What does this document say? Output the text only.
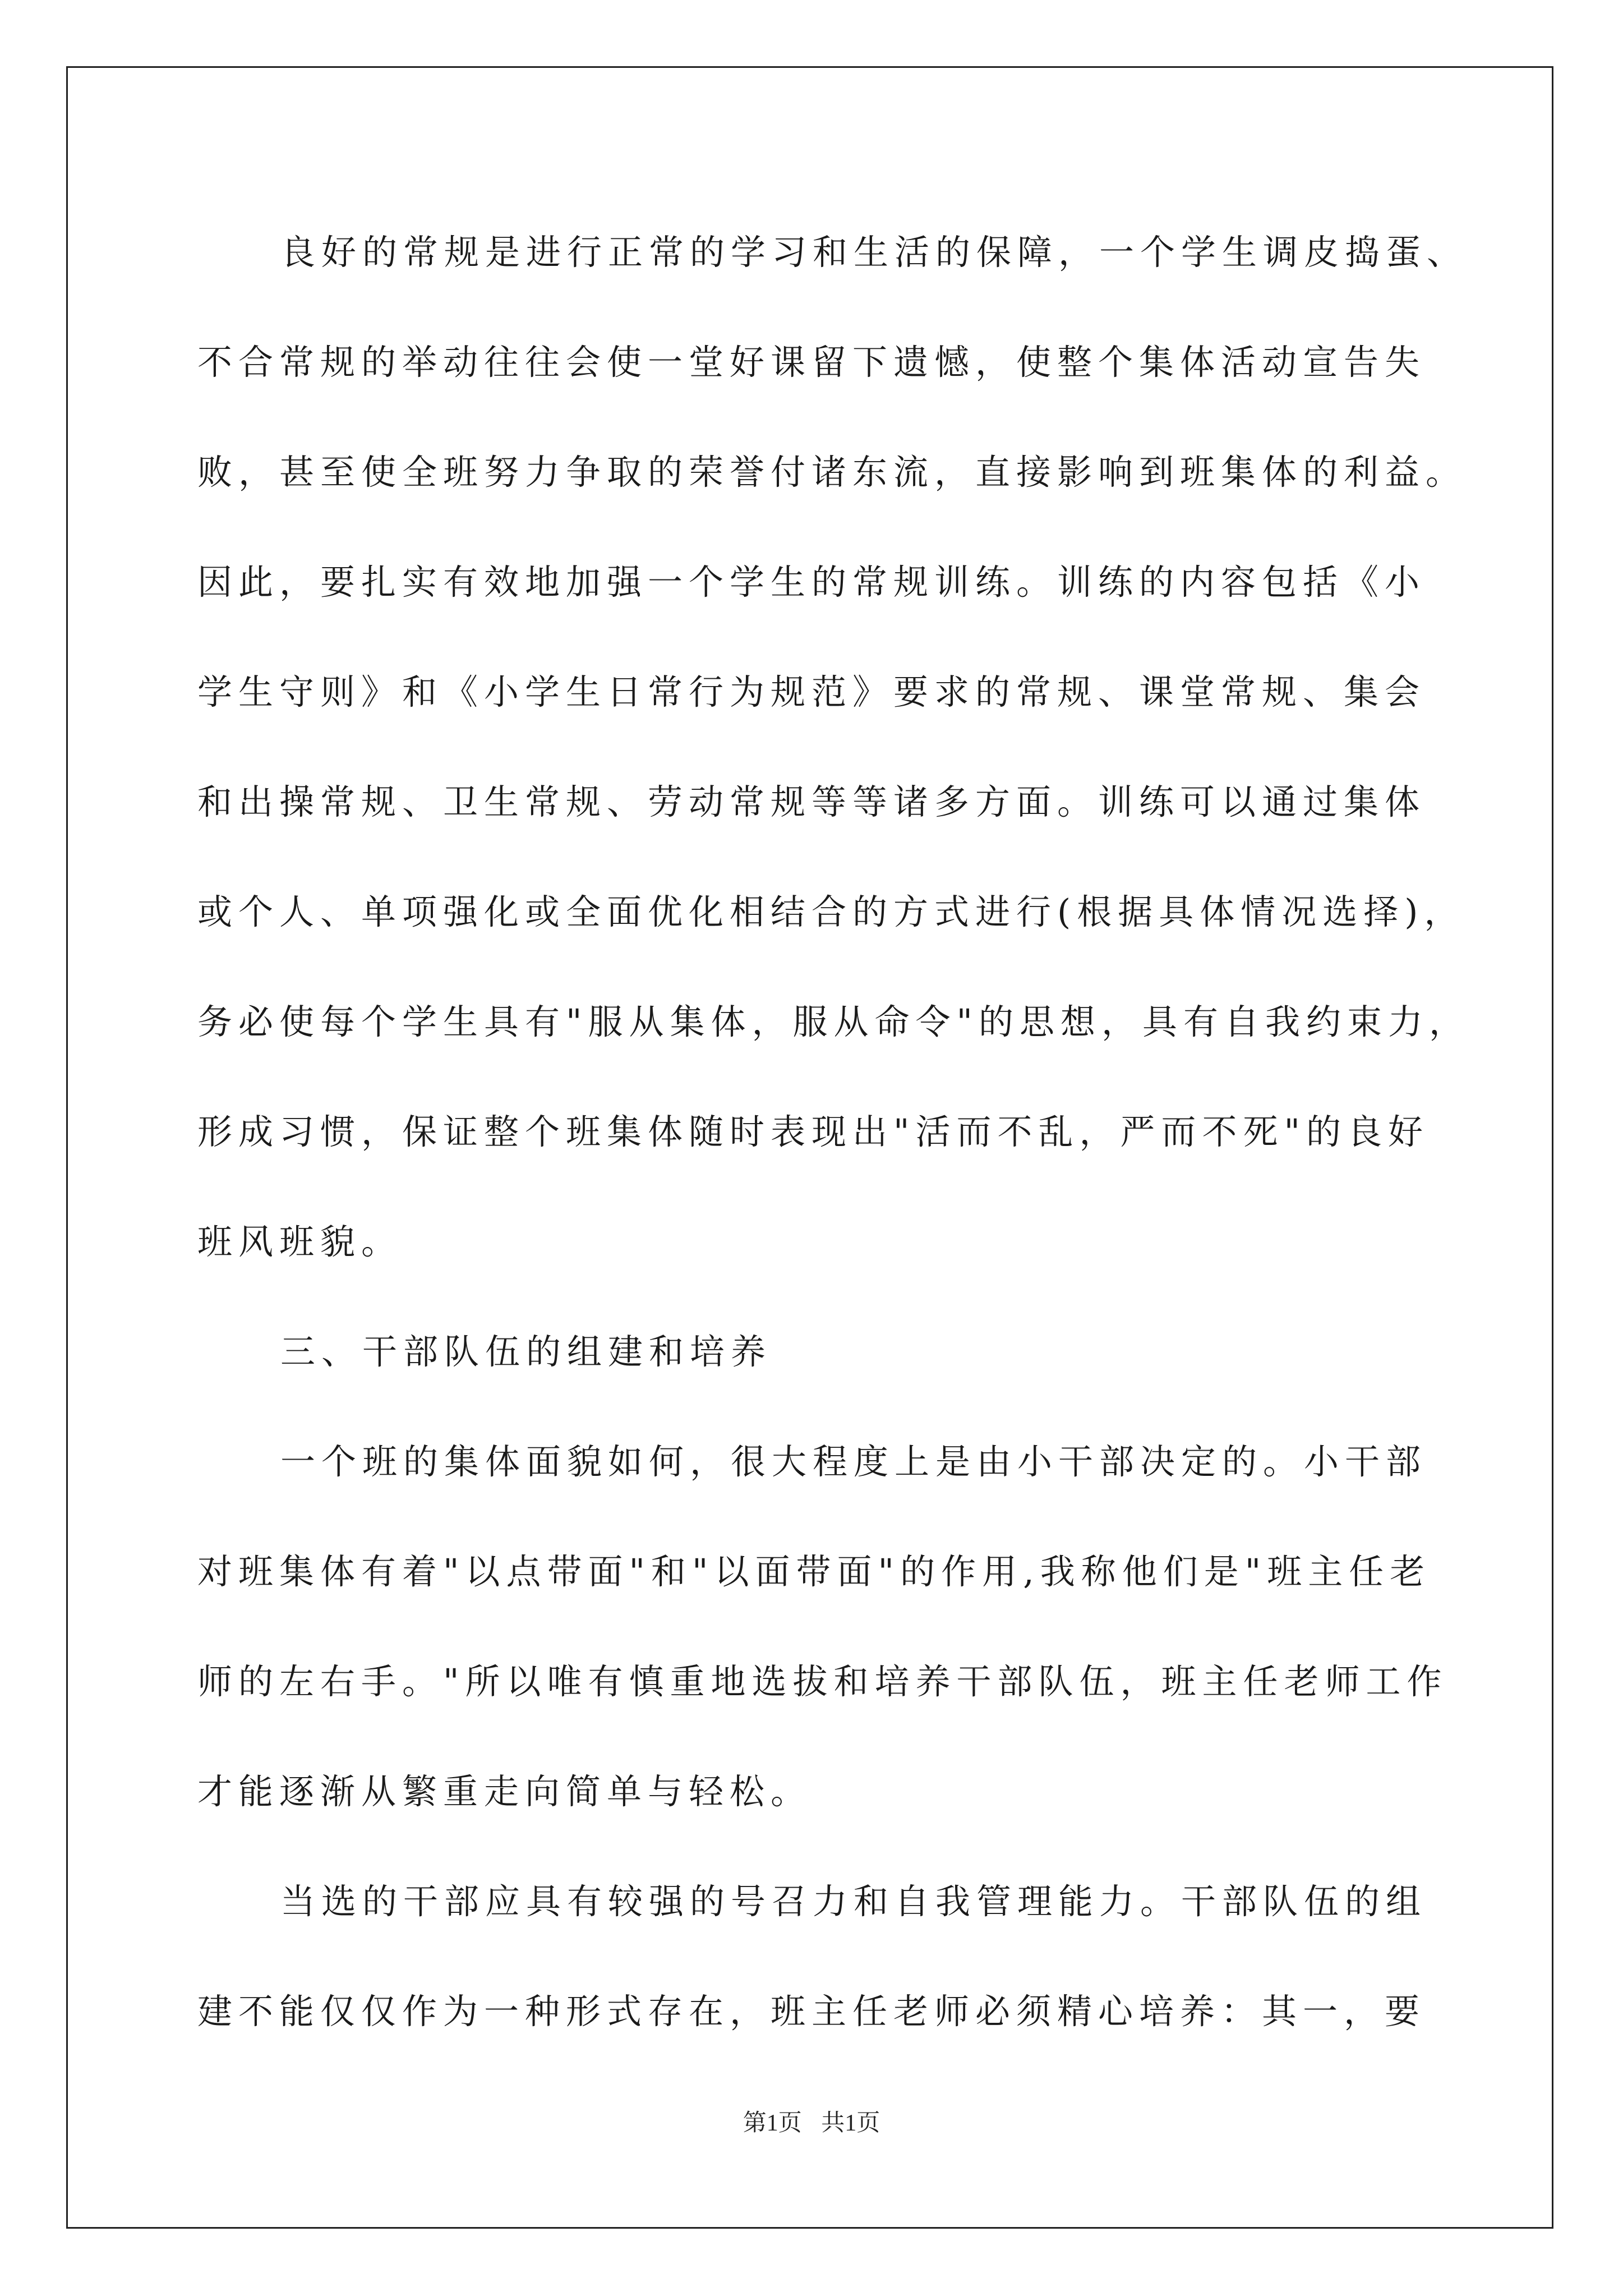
良好的常规是进行正常的学习和生活的保障，一个学生调皮捣蛋、
不合常规的举动往往会使一堂好课留下遗憾，使整个集体活动宣告失
败，甚至使全班努力争取的荣誉付诸东流，直接影响到班集体的利益。
因此，要扎实有效地加强一个学生的常规训练。训练的内容包括《小
学生守则》和《小学生日常行为规范》要求的常规、课堂常规、集会
和出操常规、卫生常规、劳动常规等等诸多方面。训练可以通过集体
或个人、单项强化或全面优化相结合的方式进行(根据具体情况选择)，
务必使每个学生具有"服从集体，服从命令"的思想，具有自我约束力，
形成习惯，保证整个班集体随时表现出"活而不乱，严而不死"的良好
班风班貌。
三、干部队伍的组建和培养
一个班的集体面貌如何，很大程度上是由小干部决定的。小干部
对班集体有着"以点带面"和"以面带面"的作用,我称他们是"班主任老
师的左右手。"所以唯有慎重地选拔和培养干部队伍，班主任老师工作
才能逐渐从繁重走向简单与轻松。
当选的干部应具有较强的号召力和自我管理能力。干部队伍的组
建不能仅仅作为一种形式存在，班主任老师必须精心培养：其一，要
第1页 共1页
